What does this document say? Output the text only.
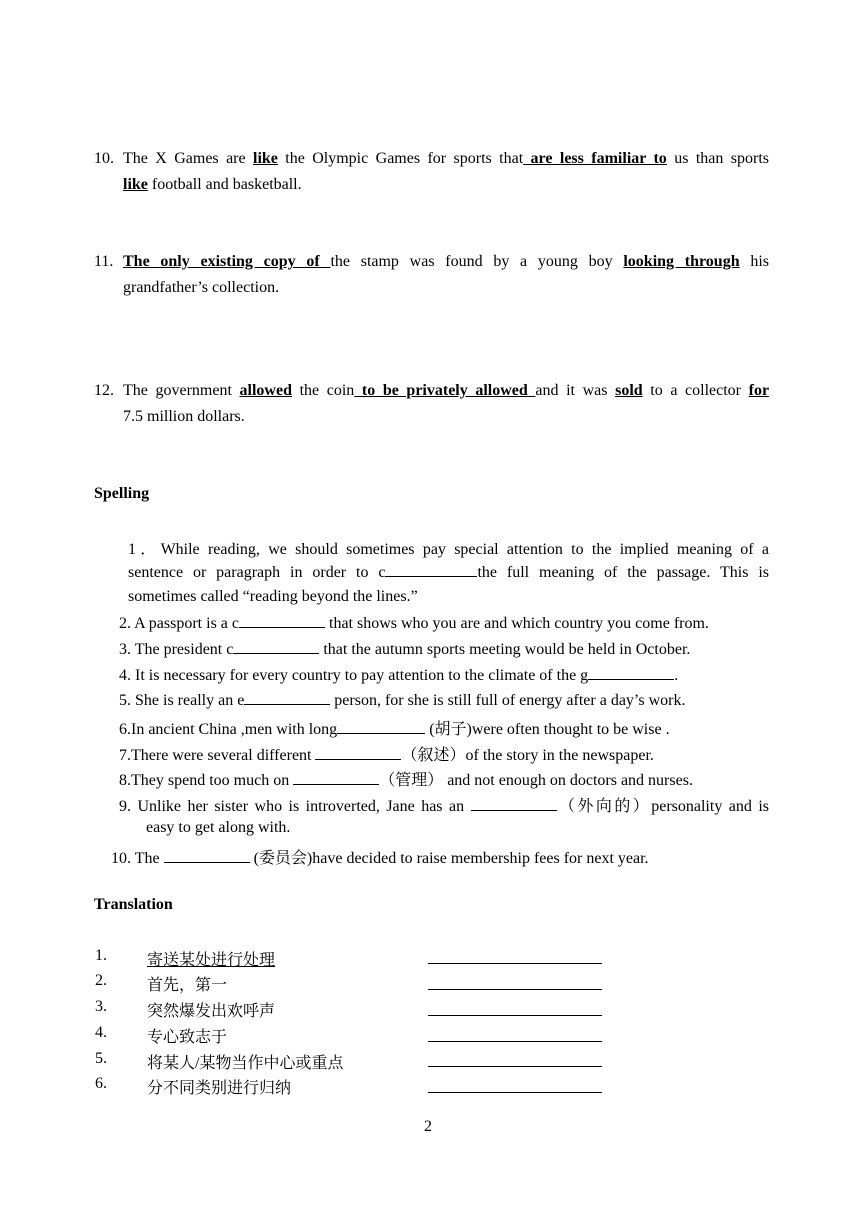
10. The X Games are like the Olympic Games for sports that are less familiar to us than sports
like football and basketball.
11. The only existing copy of the stamp was found by a young boy looking through his
grandfather’s collection.
12. The government allowed the coin to be privately allowed and it was sold to a collector for
7.5 million dollars.
Spelling
1．While reading, we should sometimes pay special attention to the implied meaning of a
sentence or paragraph in order to c	the full meaning of the passage. This is
sometimes called “reading beyond the lines.”
2. A passport is a c	that shows who you are and which country you come from.
3. The president c	that the autumn sports meeting would be held in October.
4. It is necessary for every country to pay attention to the climate of the g	.
5. She is really an e	person, for she is still full of energy after a day’s work.
6.In ancient China ,men with long	(胡子)were often thought to be wise .
7.There were several different	（叙述）of the story in the newspaper.
8.They spend too much on	（管理） and not enough on doctors and nurses.
9. Unlike her sister who is introverted, Jane has an	（外向的）personality and is
easy to get along with.
10. The	(委员会)have decided to raise membership fees for next year.
Translation
1.	寄送某处进行处理
2.	首先，第一
3.	突然爆发出欢呼声
4.	专心致志于
5.	将某人/某物当作中心或重点
6.	分不同类别进行归纳
2
